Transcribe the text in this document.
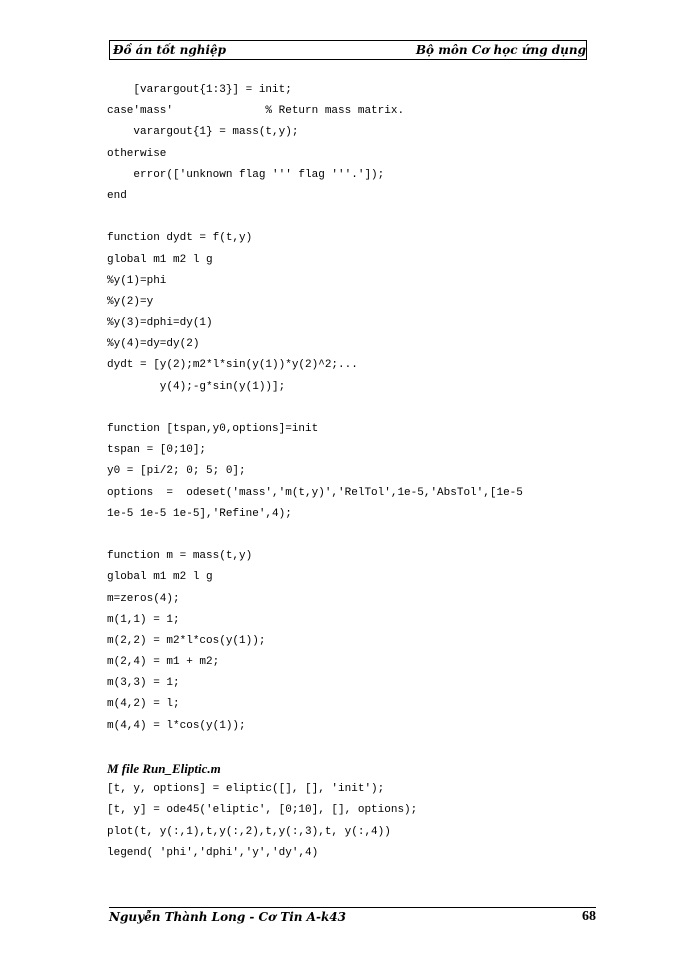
Đồ án tốt nghiệp	Bộ môn Cơ học ứng dụng
[varargout{1:3}] = init;
case'mass'              % Return mass matrix.
varargout{1} = mass(t,y);
otherwise
error(['unknown flag ''' flag '''.']);
end
function dydt = f(t,y)
global m1 m2 l g
%y(1)=phi
%y(2)=y
%y(3)=dphi=dy(1)
%y(4)=dy=dy(2)
dydt = [y(2);m2*l*sin(y(1))*y(2)^2;...
y(4);-g*sin(y(1))];
function [tspan,y0,options]=init
tspan = [0;10];
y0 = [pi/2; 0; 5; 0];
options  =  odeset('mass','m(t,y)','RelTol',1e-5,'AbsTol',[1e-5
1e-5 1e-5 1e-5],'Refine',4);
function m = mass(t,y)
global m1 m2 l g
m=zeros(4);
m(1,1) = 1;
m(2,2) = m2*l*cos(y(1));
m(2,4) = m1 + m2;
m(3,3) = 1;
m(4,2) = l;
m(4,4) = l*cos(y(1));
M file Run_Eliptic.m
[t, y, options] = eliptic([], [], 'init');
[t, y] = ode45('eliptic', [0;10], [], options);
plot(t, y(:,1),t,y(:,2),t,y(:,3),t, y(:,4))
legend( 'phi','dphi','y','dy',4)
Nguyễn Thành Long - Cơ Tin A-k43	68
